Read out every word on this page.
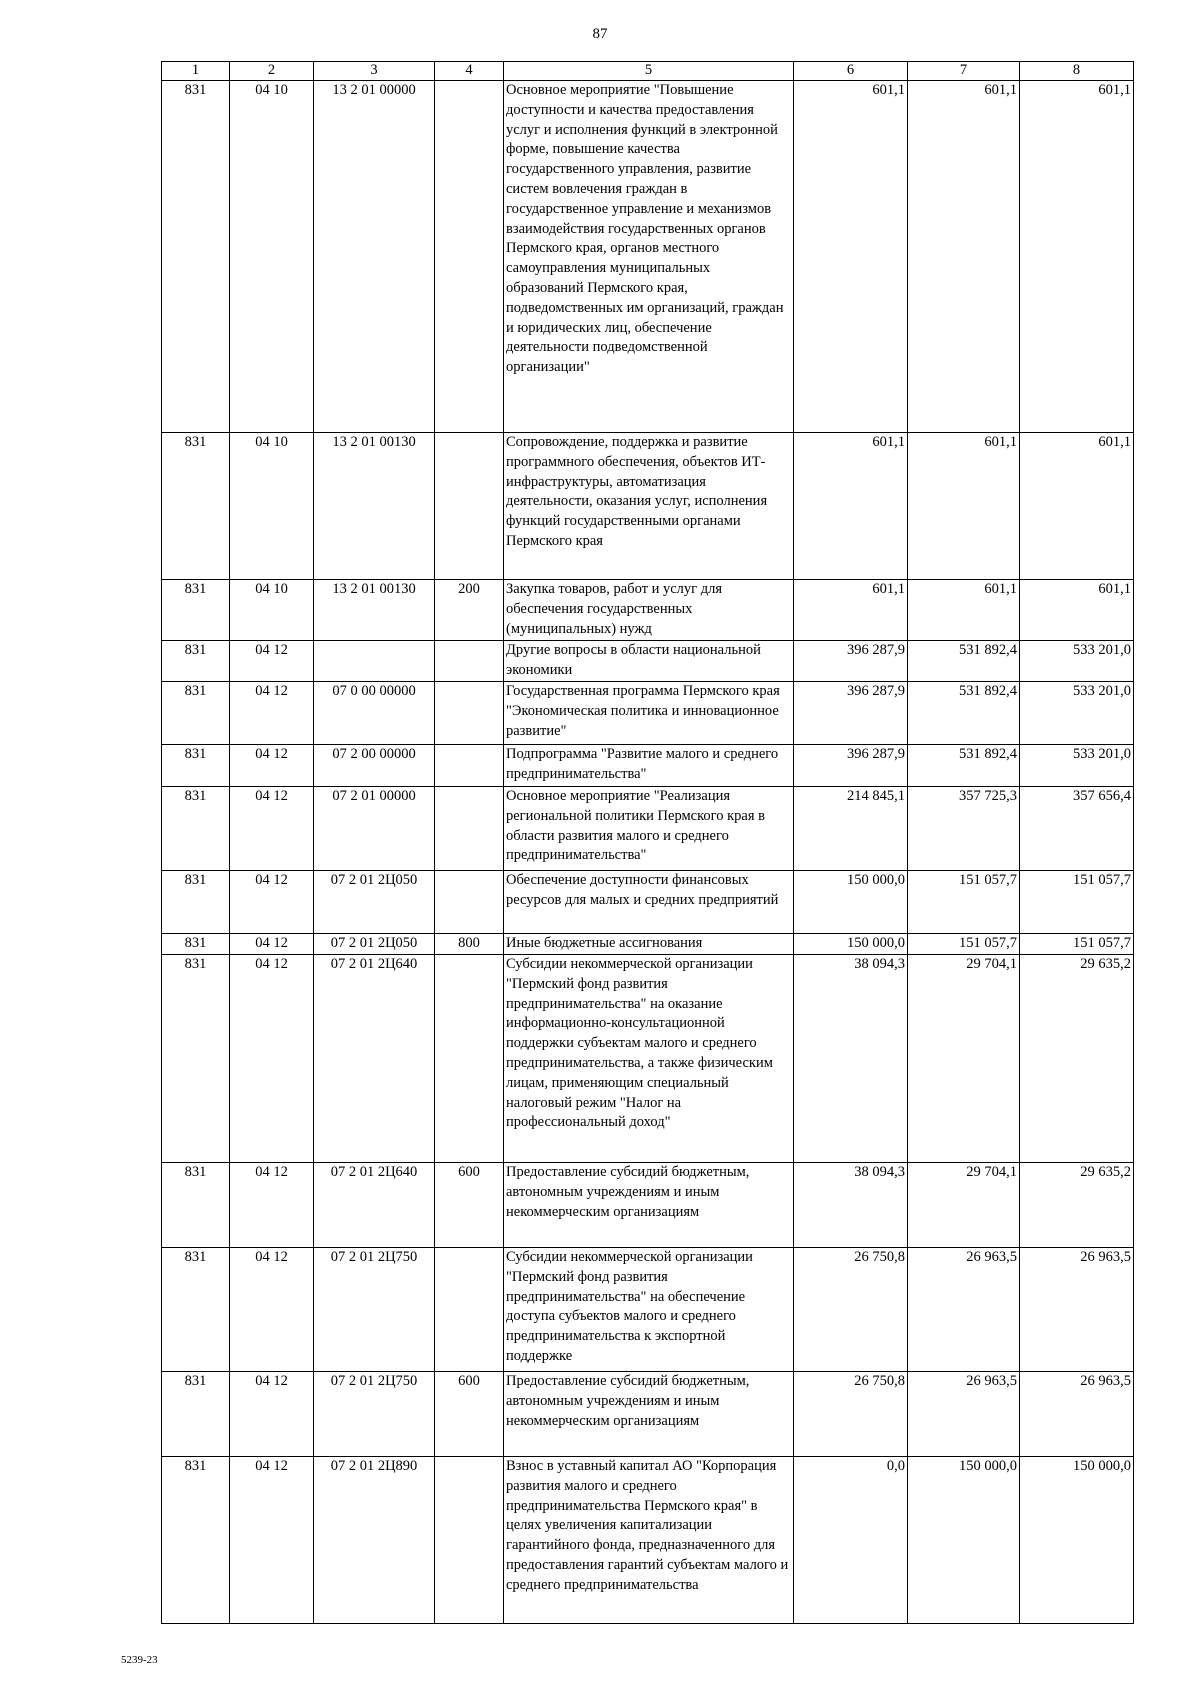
87
1	2	3	4	5	6	7	8
831	04 10	13 2 01 00000		Основное мероприятие "Повышение доступности и качества предоставления услуг и исполнения функций в электронной форме, повышение качества государственного управления, развитие систем вовлечения граждан в государственное управление и механизмов взаимодействия государственных органов Пермского края, органов местного самоуправления муниципальных образований Пермского края, подведомственных им организаций, граждан и юридических лиц, обеспечение деятельности подведомственной организации"	601,1	601,1	601,1
831	04 10	13 2 01 00130		Сопровождение, поддержка и развитие программного обеспечения, объектов ИТ-инфраструктуры, автоматизация деятельности, оказания услуг, исполнения функций государственными органами Пермского края	601,1	601,1	601,1
831	04 10	13 2 01 00130	200	Закупка товаров, работ и услуг для обеспечения государственных (муниципальных) нужд	601,1	601,1	601,1
831	04 12			Другие вопросы в области национальной экономики	396 287,9	531 892,4	533 201,0
831	04 12	07 0 00 00000		Государственная программа Пермского края "Экономическая политика и инновационное развитие"	396 287,9	531 892,4	533 201,0
831	04 12	07 2 00 00000		Подпрограмма "Развитие малого и среднего предпринимательства"	396 287,9	531 892,4	533 201,0
831	04 12	07 2 01 00000		Основное мероприятие "Реализация региональной политики Пермского края в области развития малого и среднего предпринимательства"	214 845,1	357 725,3	357 656,4
831	04 12	07 2 01 2Ц050		Обеспечение доступности финансовых ресурсов для малых и средних предприятий	150 000,0	151 057,7	151 057,7
831	04 12	07 2 01 2Ц050	800	Иные бюджетные ассигнования	150 000,0	151 057,7	151 057,7
831	04 12	07 2 01 2Ц640		Субсидии некоммерческой организации "Пермский фонд развития предпринимательства" на оказание информационно-консультационной поддержки субъектам малого и среднего предпринимательства, а также физическим лицам, применяющим специальный налоговый режим "Налог на профессиональный доход"	38 094,3	29 704,1	29 635,2
831	04 12	07 2 01 2Ц640	600	Предоставление субсидий бюджетным, автономным учреждениям и иным некоммерческим организациям	38 094,3	29 704,1	29 635,2
831	04 12	07 2 01 2Ц750		Субсидии некоммерческой организации "Пермский фонд развития предпринимательства" на обеспечение доступа субъектов малого и среднего предпринимательства к экспортной поддержке	26 750,8	26 963,5	26 963,5
831	04 12	07 2 01 2Ц750	600	Предоставление субсидий бюджетным, автономным учреждениям и иным некоммерческим организациям	26 750,8	26 963,5	26 963,5
831	04 12	07 2 01 2Ц890		Взнос в уставный капитал АО "Корпорация развития малого и среднего предпринимательства Пермского края" в целях увеличения капитализации гарантийного фонда, предназначенного для предоставления гарантий субъектам малого и среднего предпринимательства	0,0	150 000,0	150 000,0
5239-23
